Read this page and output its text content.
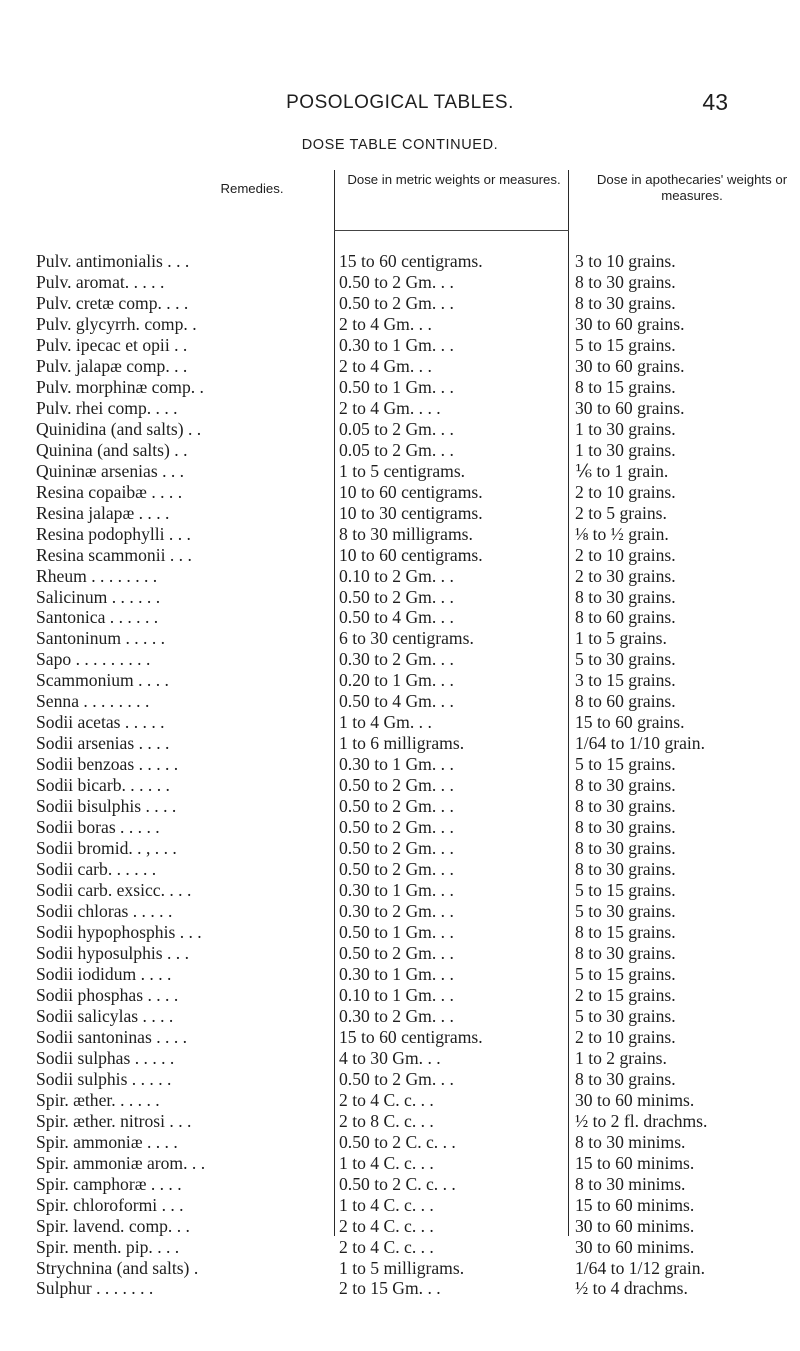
POSOLOGICAL TABLES.	43
DOSE TABLE CONTINUED.
Remedies.
Dose in metric weights or measures.	Dose in apothecaries' weights or measures.
Pulv. antimonialis . . .	15 to 60 centigrams.	3 to 10 grains.
Pulv. aromat. . . . .	0.50 to 2 Gm. . .	8 to 30 grains.
Pulv. cretæ comp. . . .	0.50 to 2 Gm. . .	8 to 30 grains.
Pulv. glycyrrh. comp. .	2 to 4 Gm. . .	30 to 60 grains.
Pulv. ipecac et opii . .	0.30 to 1 Gm. . .	5 to 15 grains.
Pulv. jalapæ comp. . .	2 to 4 Gm. . .	30 to 60 grains.
Pulv. morphinæ comp. .	0.50 to 1 Gm. . .	8 to 15 grains.
Pulv. rhei comp. . . .	2 to 4 Gm. . . .	30 to 60 grains.
Quinidina (and salts) . .	0.05 to 2 Gm. . .	1 to 30 grains.
Quinina (and salts) . .	0.05 to 2 Gm. . .	1 to 30 grains.
Quininæ arsenias . . .	1 to 5 centigrams.	⅙ to 1 grain.
Resina copaibæ . . . .	10 to 60 centigrams.	2 to 10 grains.
Resina jalapæ . . . .	10 to 30 centigrams.	2 to 5 grains.
Resina podophylli . . .	8 to 30 milligrams.	⅛ to ½ grain.
Resina scammonii . . .	10 to 60 centigrams.	2 to 10 grains.
Rheum . . . . . . . .	0.10 to 2 Gm. . .	2 to 30 grains.
Salicinum . . . . . .	0.50 to 2 Gm. . .	8 to 30 grains.
Santonica . . . . . .	0.50 to 4 Gm. . .	8 to 60 grains.
Santoninum . . . . .	6 to 30 centigrams.	1 to 5 grains.
Sapo . . . . . . . . .	0.30 to 2 Gm. . .	5 to 30 grains.
Scammonium . . . .	0.20 to 1 Gm. . .	3 to 15 grains.
Senna . . . . . . . .	0.50 to 4 Gm. . .	8 to 60 grains.
Sodii acetas . . . . .	1 to 4 Gm. . .	15 to 60 grains.
Sodii arsenias . . . .	1 to 6 milligrams.	1/64 to 1/10 grain.
Sodii benzoas . . . . .	0.30 to 1 Gm. . .	5 to 15 grains.
Sodii bicarb. . . . . .	0.50 to 2 Gm. . .	8 to 30 grains.
Sodii bisulphis . . . .	0.50 to 2 Gm. . .	8 to 30 grains.
Sodii boras . . . . .	0.50 to 2 Gm. . .	8 to 30 grains.
Sodii bromid. . , . . .	0.50 to 2 Gm. . .	8 to 30 grains.
Sodii carb. . . . . .	0.50 to 2 Gm. . .	8 to 30 grains.
Sodii carb. exsicc. . . .	0.30 to 1 Gm. . .	5 to 15 grains.
Sodii chloras . . . . .	0.30 to 2 Gm. . .	5 to 30 grains.
Sodii hypophosphis . . .	0.50 to 1 Gm. . .	8 to 15 grains.
Sodii hyposulphis . . .	0.50 to 2 Gm. . .	8 to 30 grains.
Sodii iodidum . . . .	0.30 to 1 Gm. . .	5 to 15 grains.
Sodii phosphas . . . .	0.10 to 1 Gm. . .	2 to 15 grains.
Sodii salicylas . . . .	0.30 to 2 Gm. . .	5 to 30 grains.
Sodii santoninas . . . .	15 to 60 centigrams.	2 to 10 grains.
Sodii sulphas . . . . .	4 to 30 Gm. . .	1 to 2 grains.
Sodii sulphis . . . . .	0.50 to 2 Gm. . .	8 to 30 grains.
Spir. æther. . . . . .	2 to 4 C. c. . .	30 to 60 minims.
Spir. æther. nitrosi . . .	2 to 8 C. c. . .	½ to 2 fl. drachms.
Spir. ammoniæ . . . .	0.50 to 2 C. c. . .	8 to 30 minims.
Spir. ammoniæ arom. . .	1 to 4 C. c. . .	15 to 60 minims.
Spir. camphoræ . . . .	0.50 to 2 C. c. . .	8 to 30 minims.
Spir. chloroformi . . .	1 to 4 C. c. . .	15 to 60 minims.
Spir. lavend. comp. . .	2 to 4 C. c. . .	30 to 60 minims.
Spir. menth. pip. . . .	2 to 4 C. c. . .	30 to 60 minims.
Strychnina (and salts) .	1 to 5 milligrams.	1/64 to 1/12 grain.
Sulphur . . . . . . .	2 to 15 Gm. . .	½ to 4 drachms.
